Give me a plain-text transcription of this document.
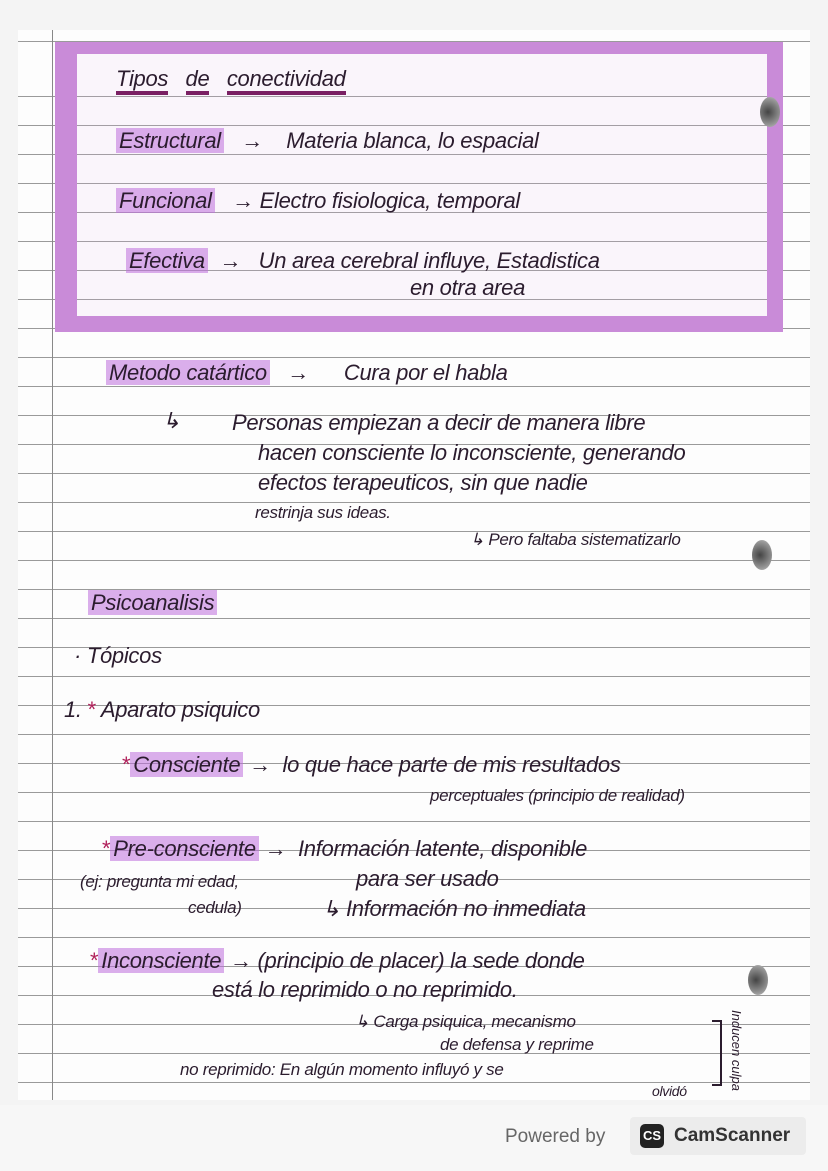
Tipos de conectividad
Estructural → Materia blanca, lo espacial
Funcional → Electro fisiologica, temporal
Efectiva → Un area cerebral influye, Estadistica
en otra area
Metodo catártico → Cura por el habla
↳ Personas empiezan a decir de manera libre
hacen consciente lo inconsciente, generando
efectos terapeuticos, sin que nadie
restrinja sus ideas.
↳ Pero faltaba sistematizarlo
Psicoanalisis
· Tópicos
1. * Aparato psiquico
* Consciente → lo que hace parte de mis resultados
perceptuales (principio de realidad)
* Pre-consciente → Información latente, disponible
(ej: pregunta mi edad,	para ser usado
cedula)	↳ Información no inmediata
* Inconsciente → (principio de placer) la sede donde
está lo reprimido o no reprimido.
↳ Carga psiquica, mecanismo
de defensa y reprime
no reprimido: En algún momento influyó y se
olvidó
Inducen culpa
Powered by	CS CamScanner
